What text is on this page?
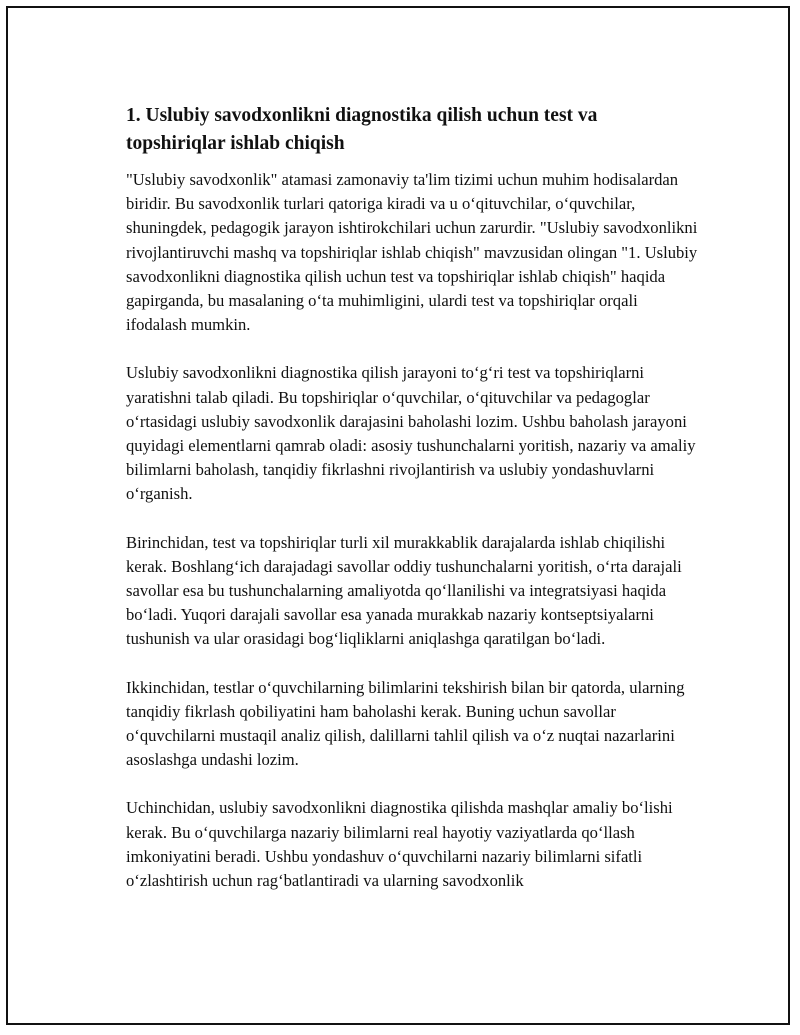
1. Uslubiy savodxonlikni diagnostika qilish uchun test va topshiriqlar ishlab chiqish

"Uslubiy savodxonlik" atamasi zamonaviy ta'lim tizimi uchun muhim hodisalardan biridir. Bu savodxonlik turlari qatoriga kiradi va u o‘qituvchilar, o‘quvchilar, shuningdek, pedagogik jarayon ishtirokchilari uchun zarurdir. "Uslubiy savodxonlikni rivojlantiruvchi mashq va topshiriqlar ishlab chiqish" mavzusidan olingan "1. Uslubiy savodxonlikni diagnostika qilish uchun test va topshiriqlar ishlab chiqish" haqida gapirganda, bu masalaning o‘ta muhimligini, ulardi test va topshiriqlar orqali ifodalash mumkin.

Uslubiy savodxonlikni diagnostika qilish jarayoni to‘g‘ri test va topshiriqlarni yaratishni talab qiladi. Bu topshiriqlar o‘quvchilar, o‘qituvchilar va pedagoglar o‘rtasidagi uslubiy savodxonlik darajasini baholashi lozim. Ushbu baholash jarayoni quyidagi elementlarni qamrab oladi: asosiy tushunchalarni yoritish, nazariy va amaliy bilimlarni baholash, tanqidiy fikrlashni rivojlantirish va uslubiy yondashuvlarni o‘rganish.

Birinchidan, test va topshiriqlar turli xil murakkablik darajalarda ishlab chiqilishi kerak. Boshlang‘ich darajadagi savollar oddiy tushunchalarni yoritish, o‘rta darajali savollar esa bu tushunchalarning amaliyotda qo‘llanilishi va integratsiyasi haqida bo‘ladi. Yuqori darajali savollar esa yanada murakkab nazariy kontseptsiyalarni tushunish va ular orasidagi bog‘liqliklarni aniqlashga qaratilgan bo‘ladi.

Ikkinchidan, testlar o‘quvchilarning bilimlarini tekshirish bilan bir qatorda, ularning tanqidiy fikrlash qobiliyatini ham baholashi kerak. Buning uchun savollar o‘quvchilarni mustaqil analiz qilish, dalillarni tahlil qilish va o‘z nuqtai nazarlarini asoslashga undashi lozim.

Uchinchidan, uslubiy savodxonlikni diagnostika qilishda mashqlar amaliy bo‘lishi kerak. Bu o‘quvchilarga nazariy bilimlarni real hayotiy vaziyatlarda qo‘llash imkoniyatini beradi. Ushbu yondashuv o‘quvchilarni nazariy bilimlarni sifatli o‘zlashtirish uchun rag‘batlantiradi va ularning savodxonlik
